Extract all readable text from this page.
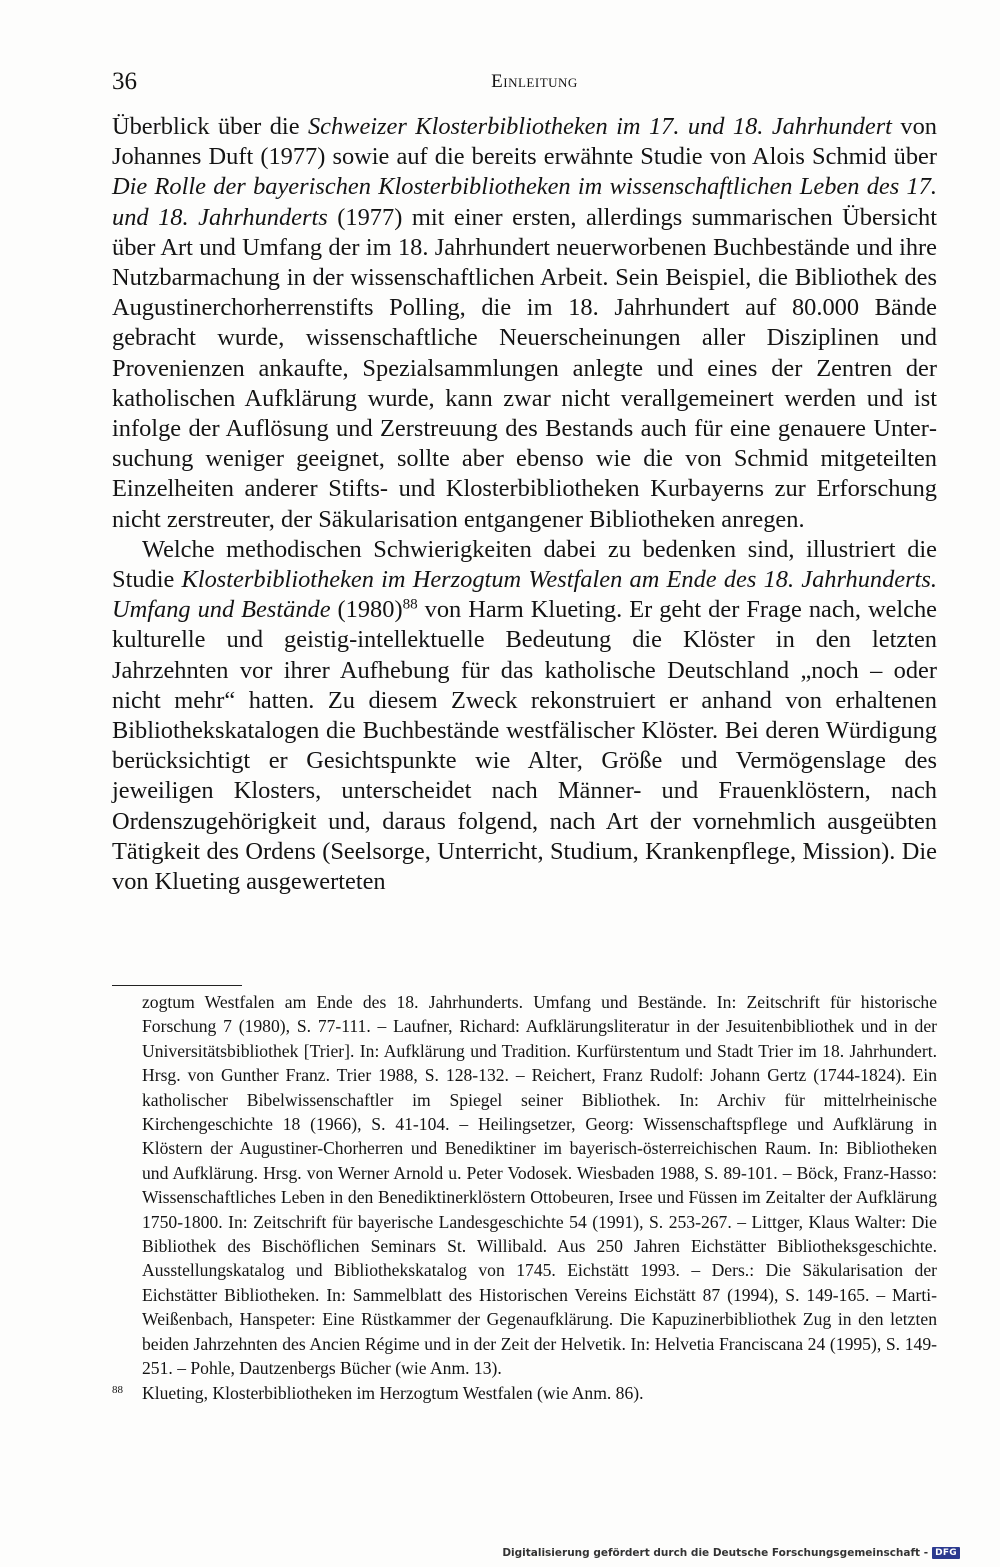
36	Einleitung

Überblick über die Schweizer Klosterbibliotheken im 17. und 18. Jahrhundert von Johannes Duft (1977) sowie auf die bereits erwähnte Studie von Alois Schmid über Die Rolle der bayerischen Klosterbibliotheken im wissenschaftlichen Leben des 17. und 18. Jahrhunderts (1977) mit einer ersten, allerdings summarischen Übersicht über Art und Umfang der im 18. Jahrhundert neuerworbenen Buchbestände und ihre Nutzbarmachung in der wissenschaftlichen Arbeit. Sein Beispiel, die Bibliothek des Augustinerchorherrenstifts Polling, die im 18. Jahrhundert auf 80.000 Bände gebracht wurde, wissenschaftliche Neuerscheinungen aller Disziplinen und Provenienzen ankaufte, Spezialsammlungen anlegte und eines der Zentren der katholischen Aufklärung wurde, kann zwar nicht verallgemeinert werden und ist infolge der Auflösung und Zerstreuung des Bestands auch für eine genauere Untersuchung weniger geeignet, sollte aber ebenso wie die von Schmid mitgeteilten Einzelheiten anderer Stifts- und Klosterbibliotheken Kurbayerns zur Erforschung nicht zerstreuter, der Säkularisation entgangener Bibliotheken anregen.

Welche methodischen Schwierigkeiten dabei zu bedenken sind, illustriert die Studie Klosterbibliotheken im Herzogtum Westfalen am Ende des 18. Jahrhunderts. Umfang und Bestände $(1980)^{88}$ von Harm Klueting. Er geht der Frage nach, welche kulturelle und geistig-intellektuelle Bedeutung die Klöster in den letzten Jahrzehnten vor ihrer Aufhebung für das katholische Deutschland „noch – oder nicht mehr“ hatten. Zu diesem Zweck rekonstruiert er anhand von erhaltenen Bibliothekskatalogen die Buchbestände westfälischer Klöster. Bei deren Würdigung berücksichtigt er Gesichtspunkte wie Alter, Größe und Vermögenslage des jeweiligen Klosters, unterscheidet nach Männer- und Frauenklöstern, nach Ordenszugehörigkeit und, daraus folgend, nach Art der vornehmlich ausgeübten Tätigkeit des Ordens (Seelsorge, Unterricht, Studium, Krankenpflege, Mission). Die von Klueting ausgewerteten

zogtum Westfalen am Ende des 18. Jahrhunderts. Umfang und Bestände. In: Zeitschrift für historische Forschung 7 (1980), S. 77-111. – Laufner, Richard: Aufklärungsliteratur in der Jesuitenbibliothek und in der Universitätsbibliothek [Trier]. In: Aufklärung und Tradition. Kurfürstentum und Stadt Trier im 18. Jahrhundert. Hrsg. von Gunther Franz. Trier 1988, S. 128-132. – Reichert, Franz Rudolf: Johann Gertz (1744-1824). Ein katholischer Bibelwissenschaftler im Spiegel seiner Bibliothek. In: Archiv für mittelrheinische Kirchengeschichte 18 (1966), S. 41-104. – Heilingsetzer, Georg: Wissenschaftspflege und Aufklärung in Klöstern der Augustiner-Chorherren und Benediktiner im bayerisch-österreichischen Raum. In: Bibliotheken und Aufklärung. Hrsg. von Werner Arnold u. Peter Vodosek. Wiesbaden 1988, S. 89-101. – Böck, Franz-Hasso: Wissenschaftliches Leben in den Benediktinerklöstern Ottobeuren, Irsee und Füssen im Zeitalter der Aufklärung 1750-1800. In: Zeitschrift für bayerische Landesgeschichte 54 (1991), S. 253-267. – Littger, Klaus Walter: Die Bibliothek des Bischöflichen Seminars St. Willibald. Aus 250 Jahren Eichstätter Bibliotheksgeschichte. Ausstellungskatalog und Bibliothekskatalog von 1745. Eichstätt 1993. – Ders.: Die Säkularisation der Eichstätter Bibliotheken. In: Sammelblatt des Historischen Vereins Eichstätt 87 (1994), S. 149-165. – Marti-Weißenbach, Hanspeter: Eine Rüstkammer der Gegenaufklärung. Die Kapuzinerbibliothek Zug in den letzten beiden Jahrzehnten des Ancien Régime und in der Zeit der Helvetik. In: Helvetia Franciscana 24 (1995), S. 149-251. – Pohle, Dautzenbergs Bücher (wie Anm. 13).

88 Klueting, Klosterbibliotheken im Herzogtum Westfalen (wie Anm. 86).

Digitalisierung gefördert durch die Deutsche Forschungsgemeinschaft - DFG
